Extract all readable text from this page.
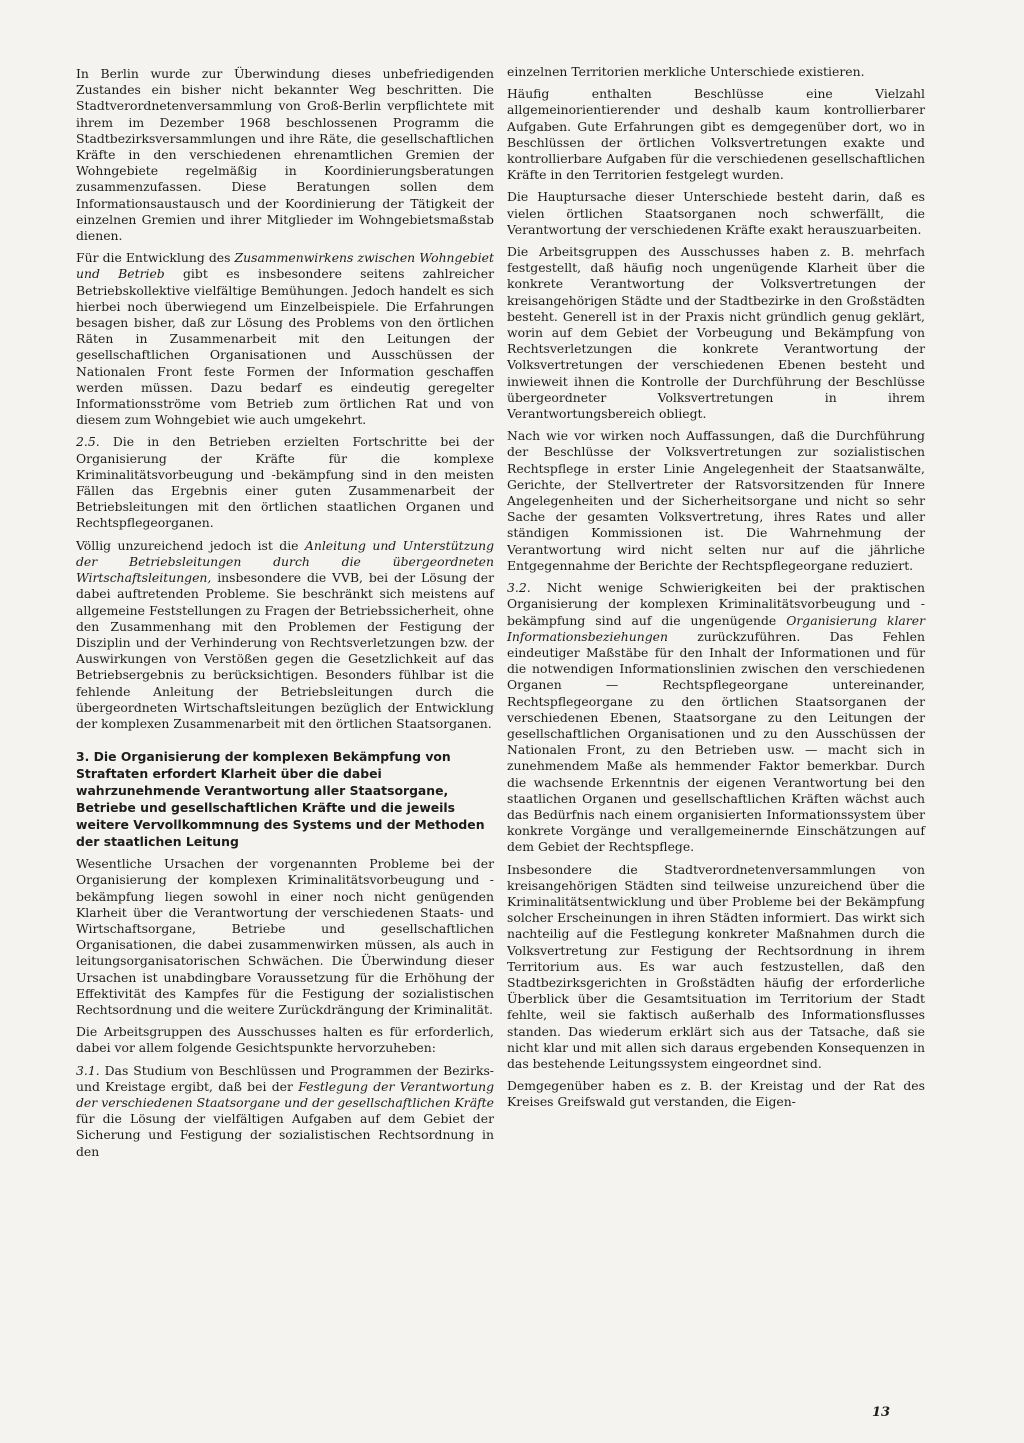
In Berlin wurde zur Überwindung dieses unbefriedigenden Zustandes ein bisher nicht bekannter Weg beschritten. Die Stadtverordnetenversammlung von Groß-Berlin verpflichtete mit ihrem im Dezember 1968 beschlossenen Programm die Stadtbezirksversammlungen und ihre Räte, die gesellschaftlichen Kräfte in den verschiedenen ehrenamtlichen Gremien der Wohngebiete regelmäßig in Koordinierungsberatungen zusammenzufassen. Diese Beratungen sollen dem Informationsaustausch und der Koordinierung der Tätigkeit der einzelnen Gremien und ihrer Mitglieder im Wohngebietsmaßstab dienen.

Für die Entwicklung des Zusammenwirkens zwischen Wohngebiet und Betrieb gibt es insbesondere seitens zahlreicher Betriebskollektive vielfältige Bemühungen. Jedoch handelt es sich hierbei noch überwiegend um Einzelbeispiele. Die Erfahrungen besagen bisher, daß zur Lösung des Problems von den örtlichen Räten in Zusammenarbeit mit den Leitungen der gesellschaftlichen Organisationen und Ausschüssen der Nationalen Front feste Formen der Information geschaffen werden müssen. Dazu bedarf es eindeutig geregelter Informationsströme vom Betrieb zum örtlichen Rat und von diesem zum Wohngebiet wie auch umgekehrt.

2.5. Die in den Betrieben erzielten Fortschritte bei der Organisierung der Kräfte für die komplexe Kriminalitätsvorbeugung und -bekämpfung sind in den meisten Fällen das Ergebnis einer guten Zusammenarbeit der Betriebsleitungen mit den örtlichen staatlichen Organen und Rechtspflegeorganen.

Völlig unzureichend jedoch ist die Anleitung und Unterstützung der Betriebsleitungen durch die übergeordneten Wirtschaftsleitungen, insbesondere die VVB, bei der Lösung der dabei auftretenden Probleme. Sie beschränkt sich meistens auf allgemeine Feststellungen zu Fragen der Betriebssicherheit, ohne den Zusammenhang mit den Problemen der Festigung der Disziplin und der Verhinderung von Rechtsverletzungen bzw. der Auswirkungen von Verstößen gegen die Gesetzlichkeit auf das Betriebsergebnis zu berücksichtigen. Besonders fühlbar ist die fehlende Anleitung der Betriebsleitungen durch die übergeordneten Wirtschaftsleitungen bezüglich der Entwicklung der komplexen Zusammenarbeit mit den örtlichen Staatsorganen.

3. Die Organisierung der komplexen Bekämpfung von Straftaten erfordert Klarheit über die dabei wahrzunehmende Verantwortung aller Staatsorgane, Betriebe und gesellschaftlichen Kräfte und die jeweils weitere Vervollkommnung des Systems und der Methoden der staatlichen Leitung

Wesentliche Ursachen der vorgenannten Probleme bei der Organisierung der komplexen Kriminalitätsvorbeugung und -bekämpfung liegen sowohl in einer noch nicht genügenden Klarheit über die Verantwortung der verschiedenen Staats- und Wirtschaftsorgane, Betriebe und gesellschaftlichen Organisationen, die dabei zusammenwirken müssen, als auch in leitungsorganisatorischen Schwächen. Die Überwindung dieser Ursachen ist unabdingbare Voraussetzung für die Erhöhung der Effektivität des Kampfes für die Festigung der sozialistischen Rechtsordnung und die weitere Zurückdrängung der Kriminalität.

Die Arbeitsgruppen des Ausschusses halten es für erforderlich, dabei vor allem folgende Gesichtspunkte hervorzuheben:

3.1. Das Studium von Beschlüssen und Programmen der Bezirks- und Kreistage ergibt, daß bei der Festlegung der Verantwortung der verschiedenen Staatsorgane und der gesellschaftlichen Kräfte für die Lösung der vielfältigen Aufgaben auf dem Gebiet der Sicherung und Festigung der sozialistischen Rechtsordnung in den

einzelnen Territorien merkliche Unterschiede existieren.

Häufig enthalten Beschlüsse eine Vielzahl allgemeinorientierender und deshalb kaum kontrollierbarer Aufgaben. Gute Erfahrungen gibt es demgegenüber dort, wo in Beschlüssen der örtlichen Volksvertretungen exakte und kontrollierbare Aufgaben für die verschiedenen gesellschaftlichen Kräfte in den Territorien festgelegt wurden.

Die Hauptursache dieser Unterschiede besteht darin, daß es vielen örtlichen Staatsorganen noch schwerfällt, die Verantwortung der verschiedenen Kräfte exakt herauszuarbeiten.

Die Arbeitsgruppen des Ausschusses haben z. B. mehrfach festgestellt, daß häufig noch ungenügende Klarheit über die konkrete Verantwortung der Volksvertretungen der kreisangehörigen Städte und der Stadtbezirke in den Großstädten besteht. Generell ist in der Praxis nicht gründlich genug geklärt, worin auf dem Gebiet der Vorbeugung und Bekämpfung von Rechtsverletzungen die konkrete Verantwortung der Volksvertretungen der verschiedenen Ebenen besteht und inwieweit ihnen die Kontrolle der Durchführung der Beschlüsse übergeordneter Volksvertretungen in ihrem Verantwortungsbereich obliegt.

Nach wie vor wirken noch Auffassungen, daß die Durchführung der Beschlüsse der Volksvertretungen zur sozialistischen Rechtspflege in erster Linie Angelegenheit der Staatsanwälte, Gerichte, der Stellvertreter der Ratsvorsitzenden für Innere Angelegenheiten und der Sicherheitsorgane und nicht so sehr Sache der gesamten Volksvertretung, ihres Rates und aller ständigen Kommissionen ist. Die Wahrnehmung der Verantwortung wird nicht selten nur auf die jährliche Entgegennahme der Berichte der Rechtspflegeorgane reduziert.

3.2. Nicht wenige Schwierigkeiten bei der praktischen Organisierung der komplexen Kriminalitätsvorbeugung und -bekämpfung sind auf die ungenügende Organisierung klarer Informationsbeziehungen zurückzuführen. Das Fehlen eindeutiger Maßstäbe für den Inhalt der Informationen und für die notwendigen Informationslinien zwischen den verschiedenen Organen — Rechtspflegeorgane untereinander, Rechtspflegeorgane zu den örtlichen Staatsorganen der verschiedenen Ebenen, Staatsorgane zu den Leitungen der gesellschaftlichen Organisationen und zu den Ausschüssen der Nationalen Front, zu den Betrieben usw. — macht sich in zunehmendem Maße als hemmender Faktor bemerkbar. Durch die wachsende Erkenntnis der eigenen Verantwortung bei den staatlichen Organen und gesellschaftlichen Kräften wächst auch das Bedürfnis nach einem organisierten Informationssystem über konkrete Vorgänge und verallgemeinernde Einschätzungen auf dem Gebiet der Rechtspflege.

Insbesondere die Stadtverordnetenversammlungen von kreisangehörigen Städten sind teilweise unzureichend über die Kriminalitätsentwicklung und über Probleme bei der Bekämpfung solcher Erscheinungen in ihren Städten informiert. Das wirkt sich nachteilig auf die Festlegung konkreter Maßnahmen durch die Volksvertretung zur Festigung der Rechtsordnung in ihrem Territorium aus. Es war auch festzustellen, daß den Stadtbezirksgerichten in Großstädten häufig der erforderliche Überblick über die Gesamtsituation im Territorium der Stadt fehlte, weil sie faktisch außerhalb des Informationsflusses standen. Das wiederum erklärt sich aus der Tatsache, daß sie nicht klar und mit allen sich daraus ergebenden Konsequenzen in das bestehende Leitungssystem eingeordnet sind.

Demgegenüber haben es z. B. der Kreistag und der Rat des Kreises Greifswald gut verstanden, die Eigen-

13
